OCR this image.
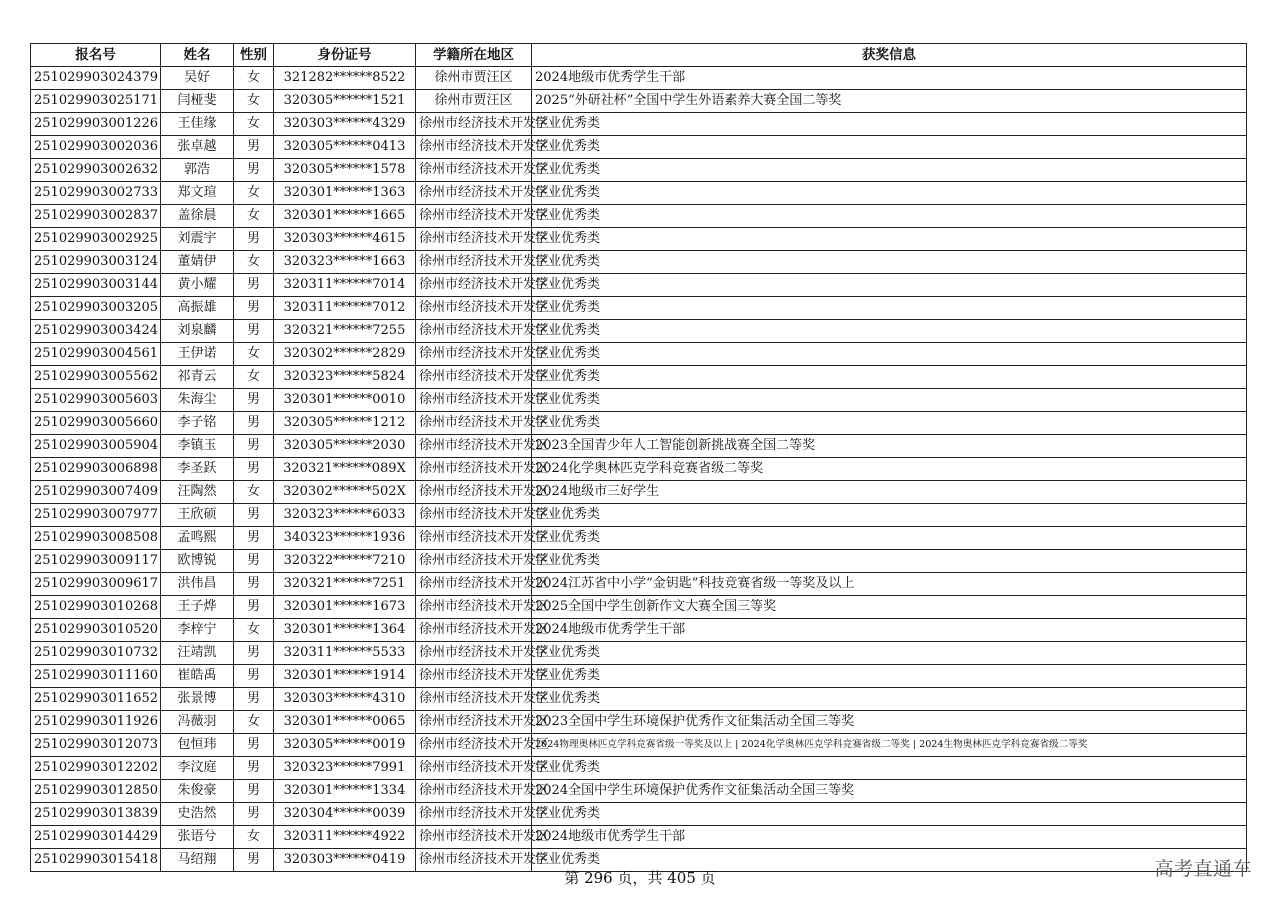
报名号	姓名	性别	身份证号	学籍所在地区	获奖信息
251029903024379	吴好	女	321282******8522	徐州市贾汪区	2024地级市优秀学生干部
251029903025171	闫桠斐	女	320305******1521	徐州市贾汪区	2025“外研社杯”全国中学生外语素养大赛全国二等奖
251029903001226	王佳缘	女	320303******4329	徐州市经济技术开发区	学业优秀类
251029903002036	张卓越	男	320305******0413	徐州市经济技术开发区	学业优秀类
251029903002632	郭浩	男	320305******1578	徐州市经济技术开发区	学业优秀类
251029903002733	郑文瑄	女	320301******1363	徐州市经济技术开发区	学业优秀类
251029903002837	盖徐晨	女	320301******1665	徐州市经济技术开发区	学业优秀类
251029903002925	刘震宇	男	320303******4615	徐州市经济技术开发区	学业优秀类
251029903003124	董婧伊	女	320323******1663	徐州市经济技术开发区	学业优秀类
251029903003144	黄小耀	男	320311******7014	徐州市经济技术开发区	学业优秀类
251029903003205	高振雄	男	320311******7012	徐州市经济技术开发区	学业优秀类
251029903003424	刘泉麟	男	320321******7255	徐州市经济技术开发区	学业优秀类
251029903004561	王伊诺	女	320302******2829	徐州市经济技术开发区	学业优秀类
251029903005562	祁青云	女	320323******5824	徐州市经济技术开发区	学业优秀类
251029903005603	朱海尘	男	320301******0010	徐州市经济技术开发区	学业优秀类
251029903005660	李子铭	男	320305******1212	徐州市经济技术开发区	学业优秀类
251029903005904	李镇玉	男	320305******2030	徐州市经济技术开发区	2023全国青少年人工智能创新挑战赛全国二等奖
251029903006898	李圣跃	男	320321******089X	徐州市经济技术开发区	2024化学奥林匹克学科竞赛省级二等奖
251029903007409	汪陶然	女	320302******502X	徐州市经济技术开发区	2024地级市三好学生
251029903007977	王欣硕	男	320323******6033	徐州市经济技术开发区	学业优秀类
251029903008508	孟鸣熙	男	340323******1936	徐州市经济技术开发区	学业优秀类
251029903009117	欧博锐	男	320322******7210	徐州市经济技术开发区	学业优秀类
251029903009617	洪伟昌	男	320321******7251	徐州市经济技术开发区	2024江苏省中小学“金钥匙”科技竞赛省级一等奖及以上
251029903010268	王子烨	男	320301******1673	徐州市经济技术开发区	2025全国中学生创新作文大赛全国三等奖
251029903010520	李梓宁	女	320301******1364	徐州市经济技术开发区	2024地级市优秀学生干部
251029903010732	汪靖凯	男	320311******5533	徐州市经济技术开发区	学业优秀类
251029903011160	崔皓禹	男	320301******1914	徐州市经济技术开发区	学业优秀类
251029903011652	张景博	男	320303******4310	徐州市经济技术开发区	学业优秀类
251029903011926	冯薇羽	女	320301******0065	徐州市经济技术开发区	2023全国中学生环境保护优秀作文征集活动全国三等奖
251029903012073	包恒玮	男	320305******0019	徐州市经济技术开发区	2024物理奥林匹克学科竞赛省级一等奖及以上 | 2024化学奥林匹克学科竞赛省级二等奖 | 2024生物奥林匹克学科竞赛省级二等奖
251029903012202	李汶庭	男	320323******7991	徐州市经济技术开发区	学业优秀类
251029903012850	朱俊豪	男	320301******1334	徐州市经济技术开发区	2024全国中学生环境保护优秀作文征集活动全国三等奖
251029903013839	史浩然	男	320304******0039	徐州市经济技术开发区	学业优秀类
251029903014429	张语兮	女	320311******4922	徐州市经济技术开发区	2024地级市优秀学生干部
251029903015418	马绍翔	男	320303******0419	徐州市经济技术开发区	学业优秀类
第 296 页，共 405 页	高考直通车
